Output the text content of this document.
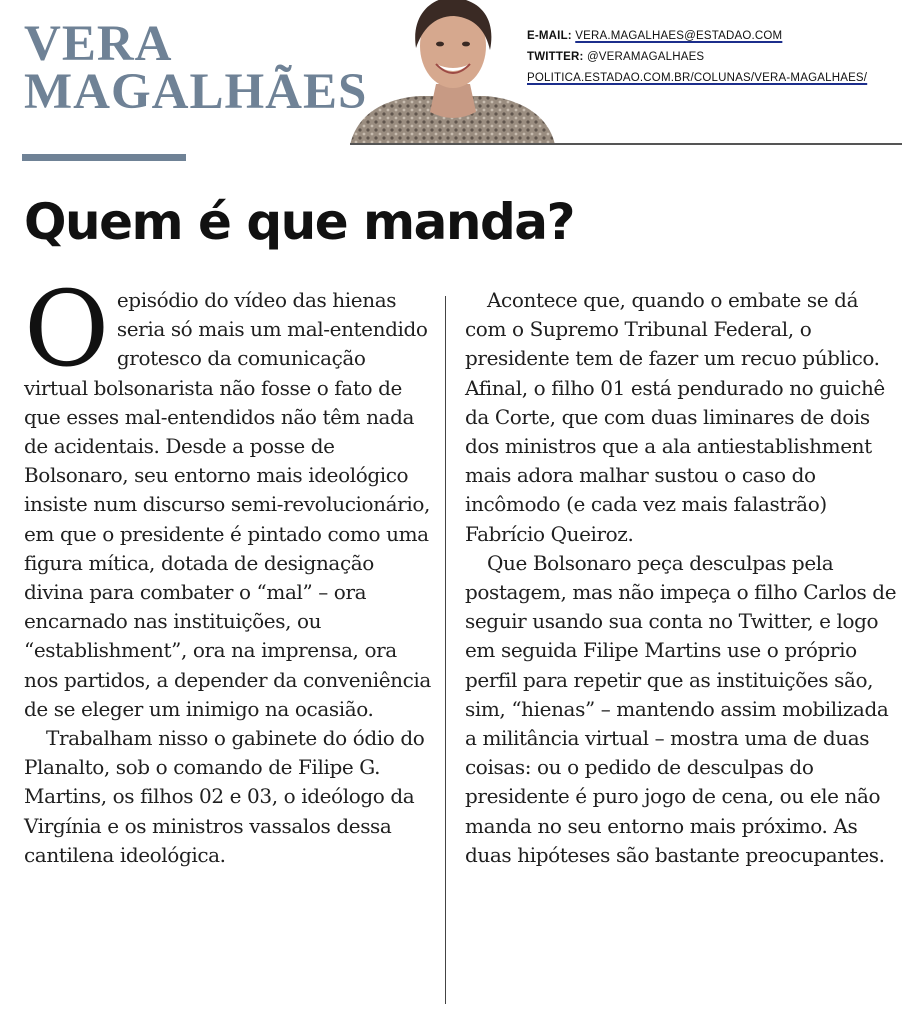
VERA
MAGALHÃES
E-MAIL: VERA.MAGALHAES@ESTADAO.COM
TWITTER: @VERAMAGALHAES
POLITICA.ESTADAO.COM.BR/COLUNAS/VERA-MAGALHAES/
Quem é que manda?

Oepisódio do vídeo das hienas seria só mais um mal-entendido grotesco da comunicação virtual bolsonarista não fosse o fato de que esses mal-entendidos não têm nada de acidentais. Desde a posse de Bolsonaro, seu entorno mais ideológico insiste num discurso semi-revolucionário, em que o presidente é pintado como uma figura mítica, dotada de designação divina para combater o “mal” – ora encarnado nas instituições, ou “establishment”, ora na imprensa, ora nos partidos, a depender da conveniência de se eleger um inimigo na ocasião.

Trabalham nisso o gabinete do ódio do Planalto, sob o comando de Filipe G. Martins, os filhos 02 e 03, o ideólogo da Virgínia e os ministros vassalos dessa cantilena ideológica.

Acontece que, quando o embate se dá com o Supremo Tribunal Federal, o presidente tem de fazer um recuo público. Afinal, o filho 01 está pendurado no guichê da Corte, que com duas liminares de dois dos ministros que a ala antiestablishment mais adora malhar sustou o caso do incômodo (e cada vez mais falastrão) Fabrício Queiroz.

Que Bolsonaro peça desculpas pela postagem, mas não impeça o filho Carlos de seguir usando sua conta no Twitter, e logo em seguida Filipe Martins use o próprio perfil para repetir que as instituições são, sim, “hienas” – mantendo assim mobilizada a militância virtual – mostra uma de duas coisas: ou o pedido de desculpas do presidente é puro jogo de cena, ou ele não manda no seu entorno mais próximo. As duas hipóteses são bastante preocupantes.
